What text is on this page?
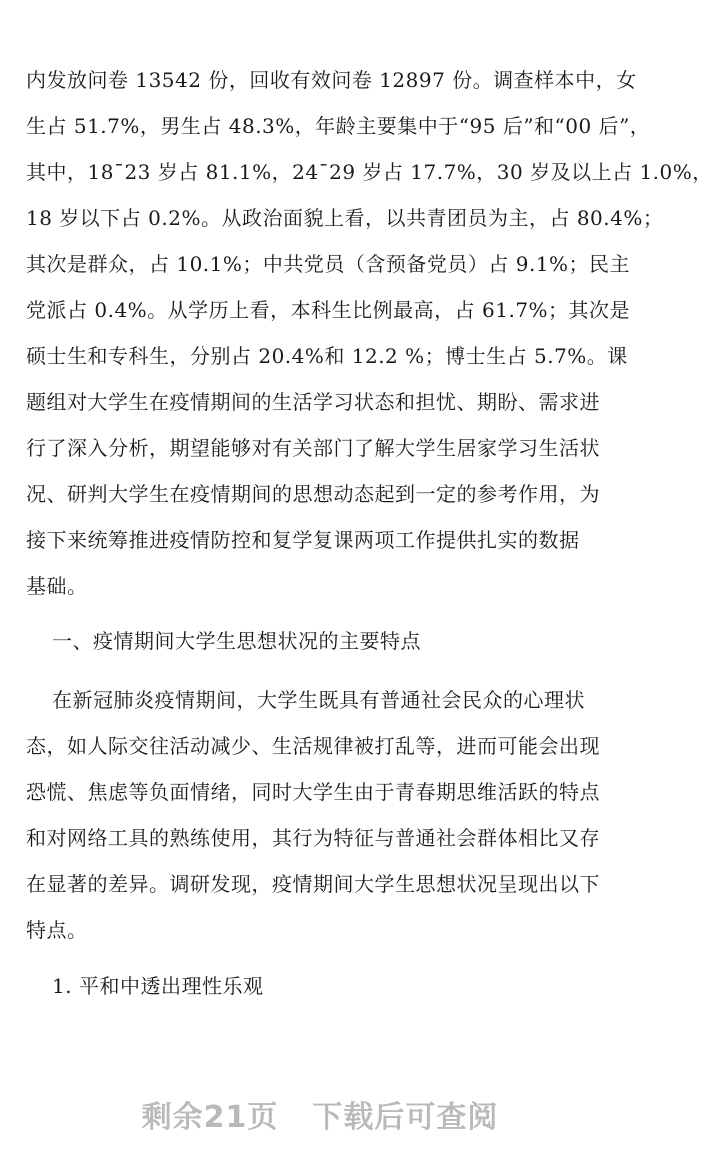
内发放问卷 13542 份，回收有效问卷 12897 份。调查样本中，女
生占 51.7%，男生占 48.3%，年龄主要集中于“95 后”和“00 后”，
其中，18¯23 岁占 81.1%，24¯29 岁占 17.7%，30 岁及以上占 1.0%，
18 岁以下占 0.2%。从政治面貌上看，以共青团员为主，占 80.4%；
其次是群众，占 10.1%；中共党员（含预备党员）占 9.1%；民主
党派占 0.4%。从学历上看，本科生比例最高，占 61.7%；其次是
硕士生和专科生，分别占 20.4%和 12.2 %；博士生占 5.7%。课
题组对大学生在疫情期间的生活学习状态和担忧、期盼、需求进
行了深入分析，期望能够对有关部门了解大学生居家学习生活状
况、研判大学生在疫情期间的思想动态起到一定的参考作用，为
接下来统筹推进疫情防控和复学复课两项工作提供扎实的数据
基础。
一、疫情期间大学生思想状况的主要特点
在新冠肺炎疫情期间，大学生既具有普通社会民众的心理状
态，如人际交往活动减少、生活规律被打乱等，进而可能会出现
恐慌、焦虑等负面情绪，同时大学生由于青春期思维活跃的特点
和对网络工具的熟练使用，其行为特征与普通社会群体相比又存
在显著的差异。调研发现，疫情期间大学生思想状况呈现出以下
特点。
1. 平和中透出理性乐观
剩余21页 下载后可查阅
